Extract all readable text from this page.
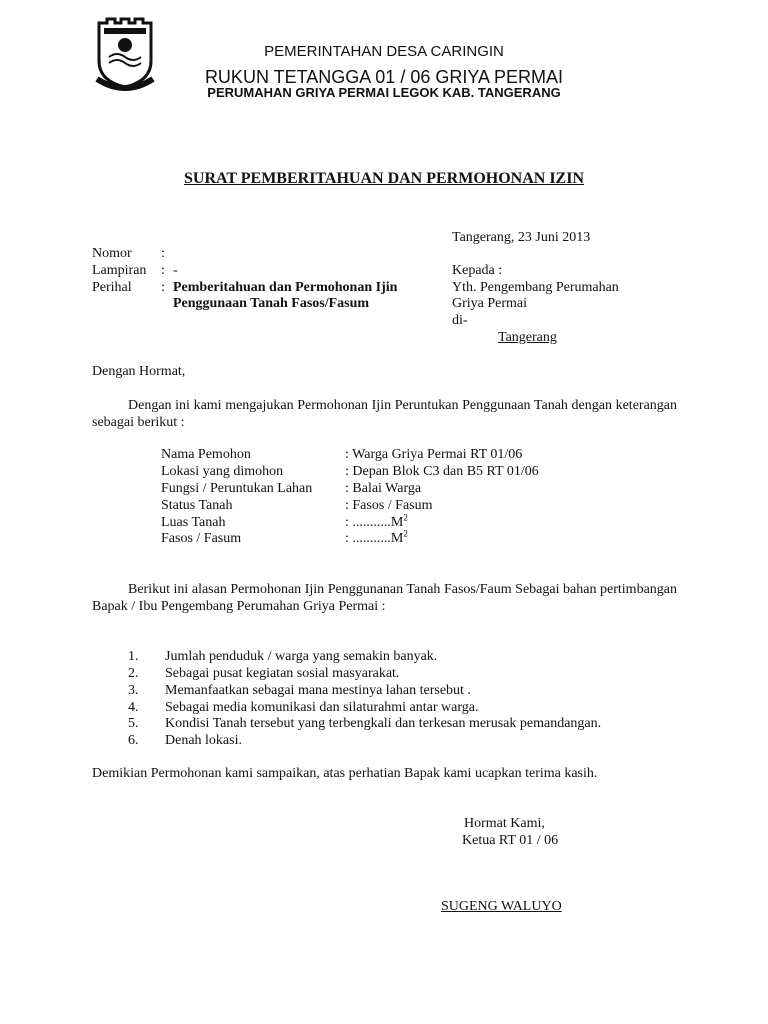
PEMERINTAHAN DESA CARINGIN
RUKUN TETANGGA 01 / 06 GRIYA PERMAI
PERUMAHAN GRIYA PERMAI LEGOK KAB. TANGERANG
SURAT PEMBERITAHUAN DAN PERMOHONAN IZIN
Tangerang, 23 Juni 2013
Nomor :
Lampiran : -
Perihal : Pemberitahuan dan Permohonan Ijin
Penggunaan Tanah Fasos/Fasum
Kepada :
Yth. Pengembang Perumahan
Griya Permai
di-
Tangerang
Dengan Hormat,
Dengan ini kami mengajukan Permohonan Ijin Peruntukan Penggunaan Tanah dengan keterangan sebagai berikut :
Nama Pemohon	: Warga Griya Permai RT 01/06
Lokasi yang dimohon	: Depan Blok C3 dan B5 RT 01/06
Fungsi / Peruntukan Lahan : Balai Warga
Status Tanah	: Fasos / Fasum
Luas Tanah	: $...........M^2$
Fasos / Fasum	: $...........M^2$
Berikut ini alasan Permohonan Ijin Penggunanan Tanah Fasos/Faum Sebagai bahan pertimbangan Bapak / Ibu Pengembang Perumahan Griya Permai :
1. Jumlah penduduk / warga yang semakin banyak.
2. Sebagai pusat kegiatan sosial masyarakat.
3. Memanfaatkan sebagai mana mestinya lahan tersebut .
4. Sebagai media komunikasi dan silaturahmi antar warga.
5. Kondisi Tanah tersebut yang terbengkali dan terkesan merusak pemandangan.
6. Denah lokasi.
Demikian Permohonan kami sampaikan, atas perhatian Bapak kami ucapkan terima kasih.
Hormat Kami,
Ketua RT 01 / 06
SUGENG WALUYO
